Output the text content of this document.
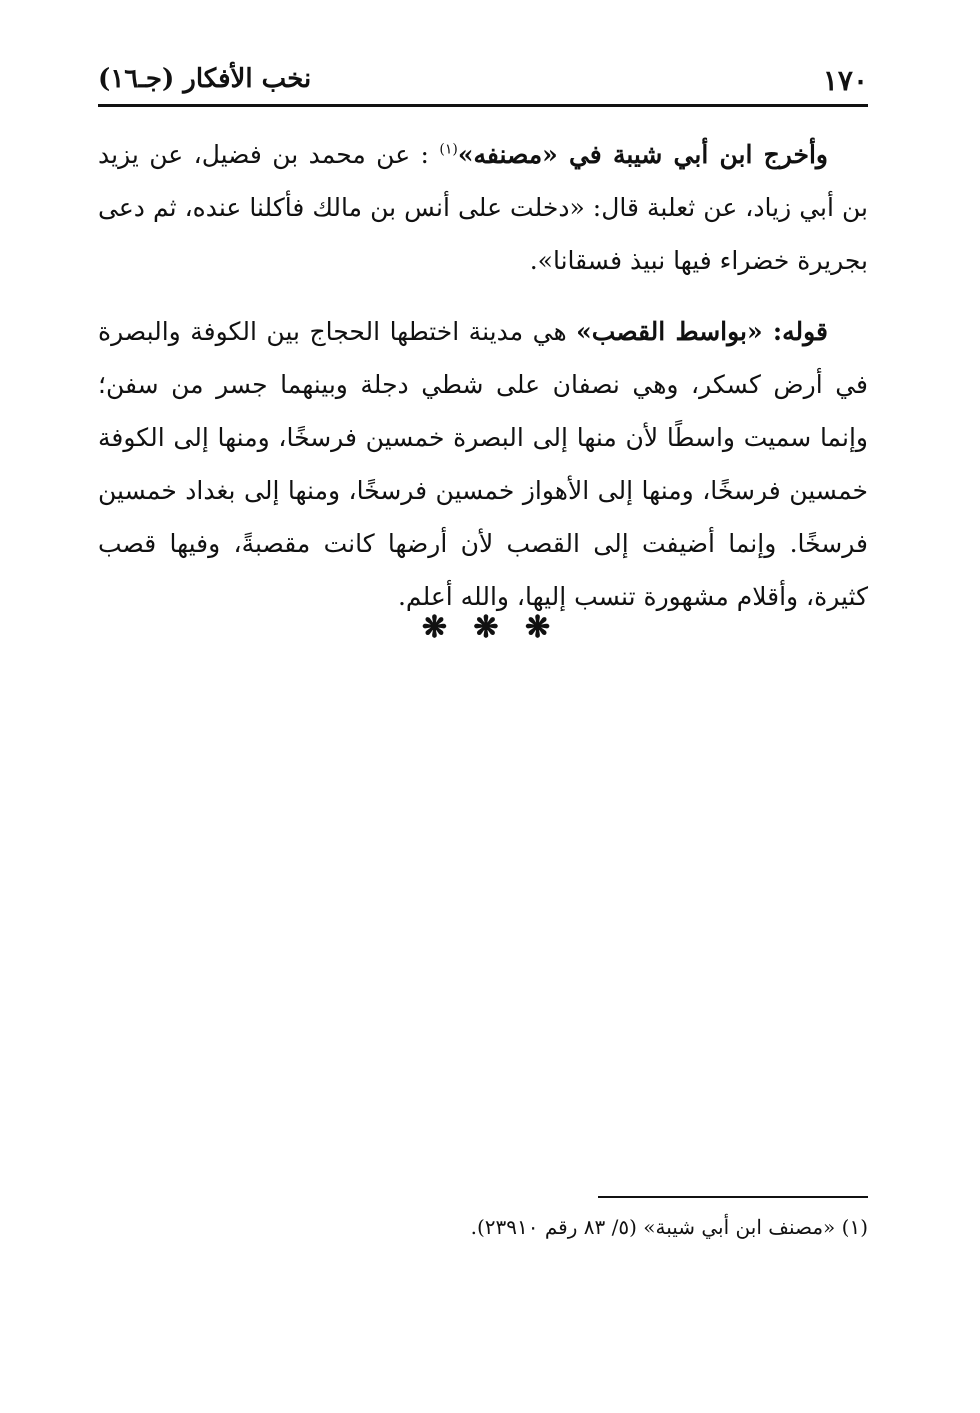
١٧٠
نخب الأفكار (جـ١٦)

وأخرج ابن أبي شيبة في «مصنفه»$^{(١)}$ : عن محمد بن فضيل، عن يزيد بن أبي زياد، عن ثعلبة قال: «دخلت على أنس بن مالك فأكلنا عنده، ثم دعى بجريرة خضراء فيها نبيذ فسقانا».

قوله: «بواسط القصب» هي مدينة اختطها الحجاج بين الكوفة والبصرة في أرض كسكر، وهي نصفان على شطي دجلة وبينهما جسر من سفن؛ وإنما سميت واسطًا لأن منها إلى البصرة خمسين فرسخًا، ومنها إلى الكوفة خمسين فرسخًا، ومنها إلى الأهواز خمسين فرسخًا، ومنها إلى بغداد خمسين فرسخًا. وإنما أضيفت إلى القصب لأن أرضها كانت مقصبةً، وفيها قصب كثيرة، وأقلام مشهورة تنسب إليها، والله أعلم.

❋ ❋ ❋
(١) «مصنف ابن أبي شيبة» (٥/ ٨٣ رقم ٢٣٩١٠).
